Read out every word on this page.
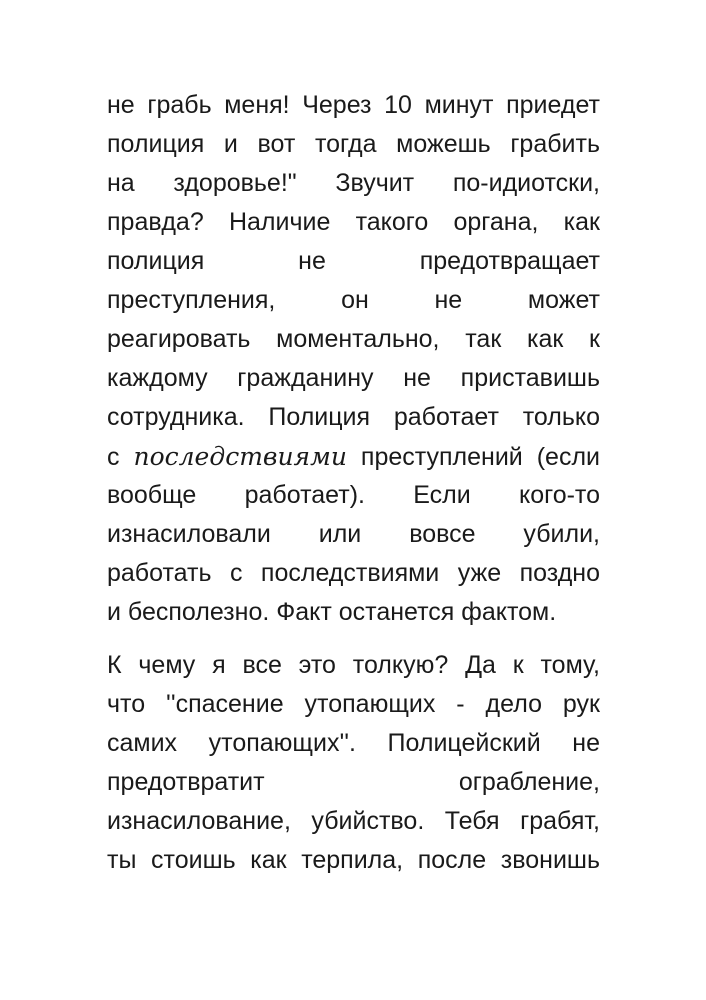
не грабь меня! Через 10 минут приедет
полиция и вот тогда можешь грабить
на здоровье!" Звучит по-идиотски,
правда? Наличие такого органа, как
полиция не предотвращает
преступления, он не может
реагировать моментально, так как к
каждому гражданину не приставишь
сотрудника. Полиция работает только
с последствиями преступлений (если
вообще работает). Если кого-то
изнасиловали или вовсе убили,
работать с последствиями уже поздно
и бесполезно. Факт останется фактом.
К чему я все это толкую? Да к тому,
что ''спасение утопающих - дело рук
самих утопающих''. Полицейский не
предотвратит ограбление,
изнасилование, убийство. Тебя грабят,
ты стоишь как терпила, после звонишь
